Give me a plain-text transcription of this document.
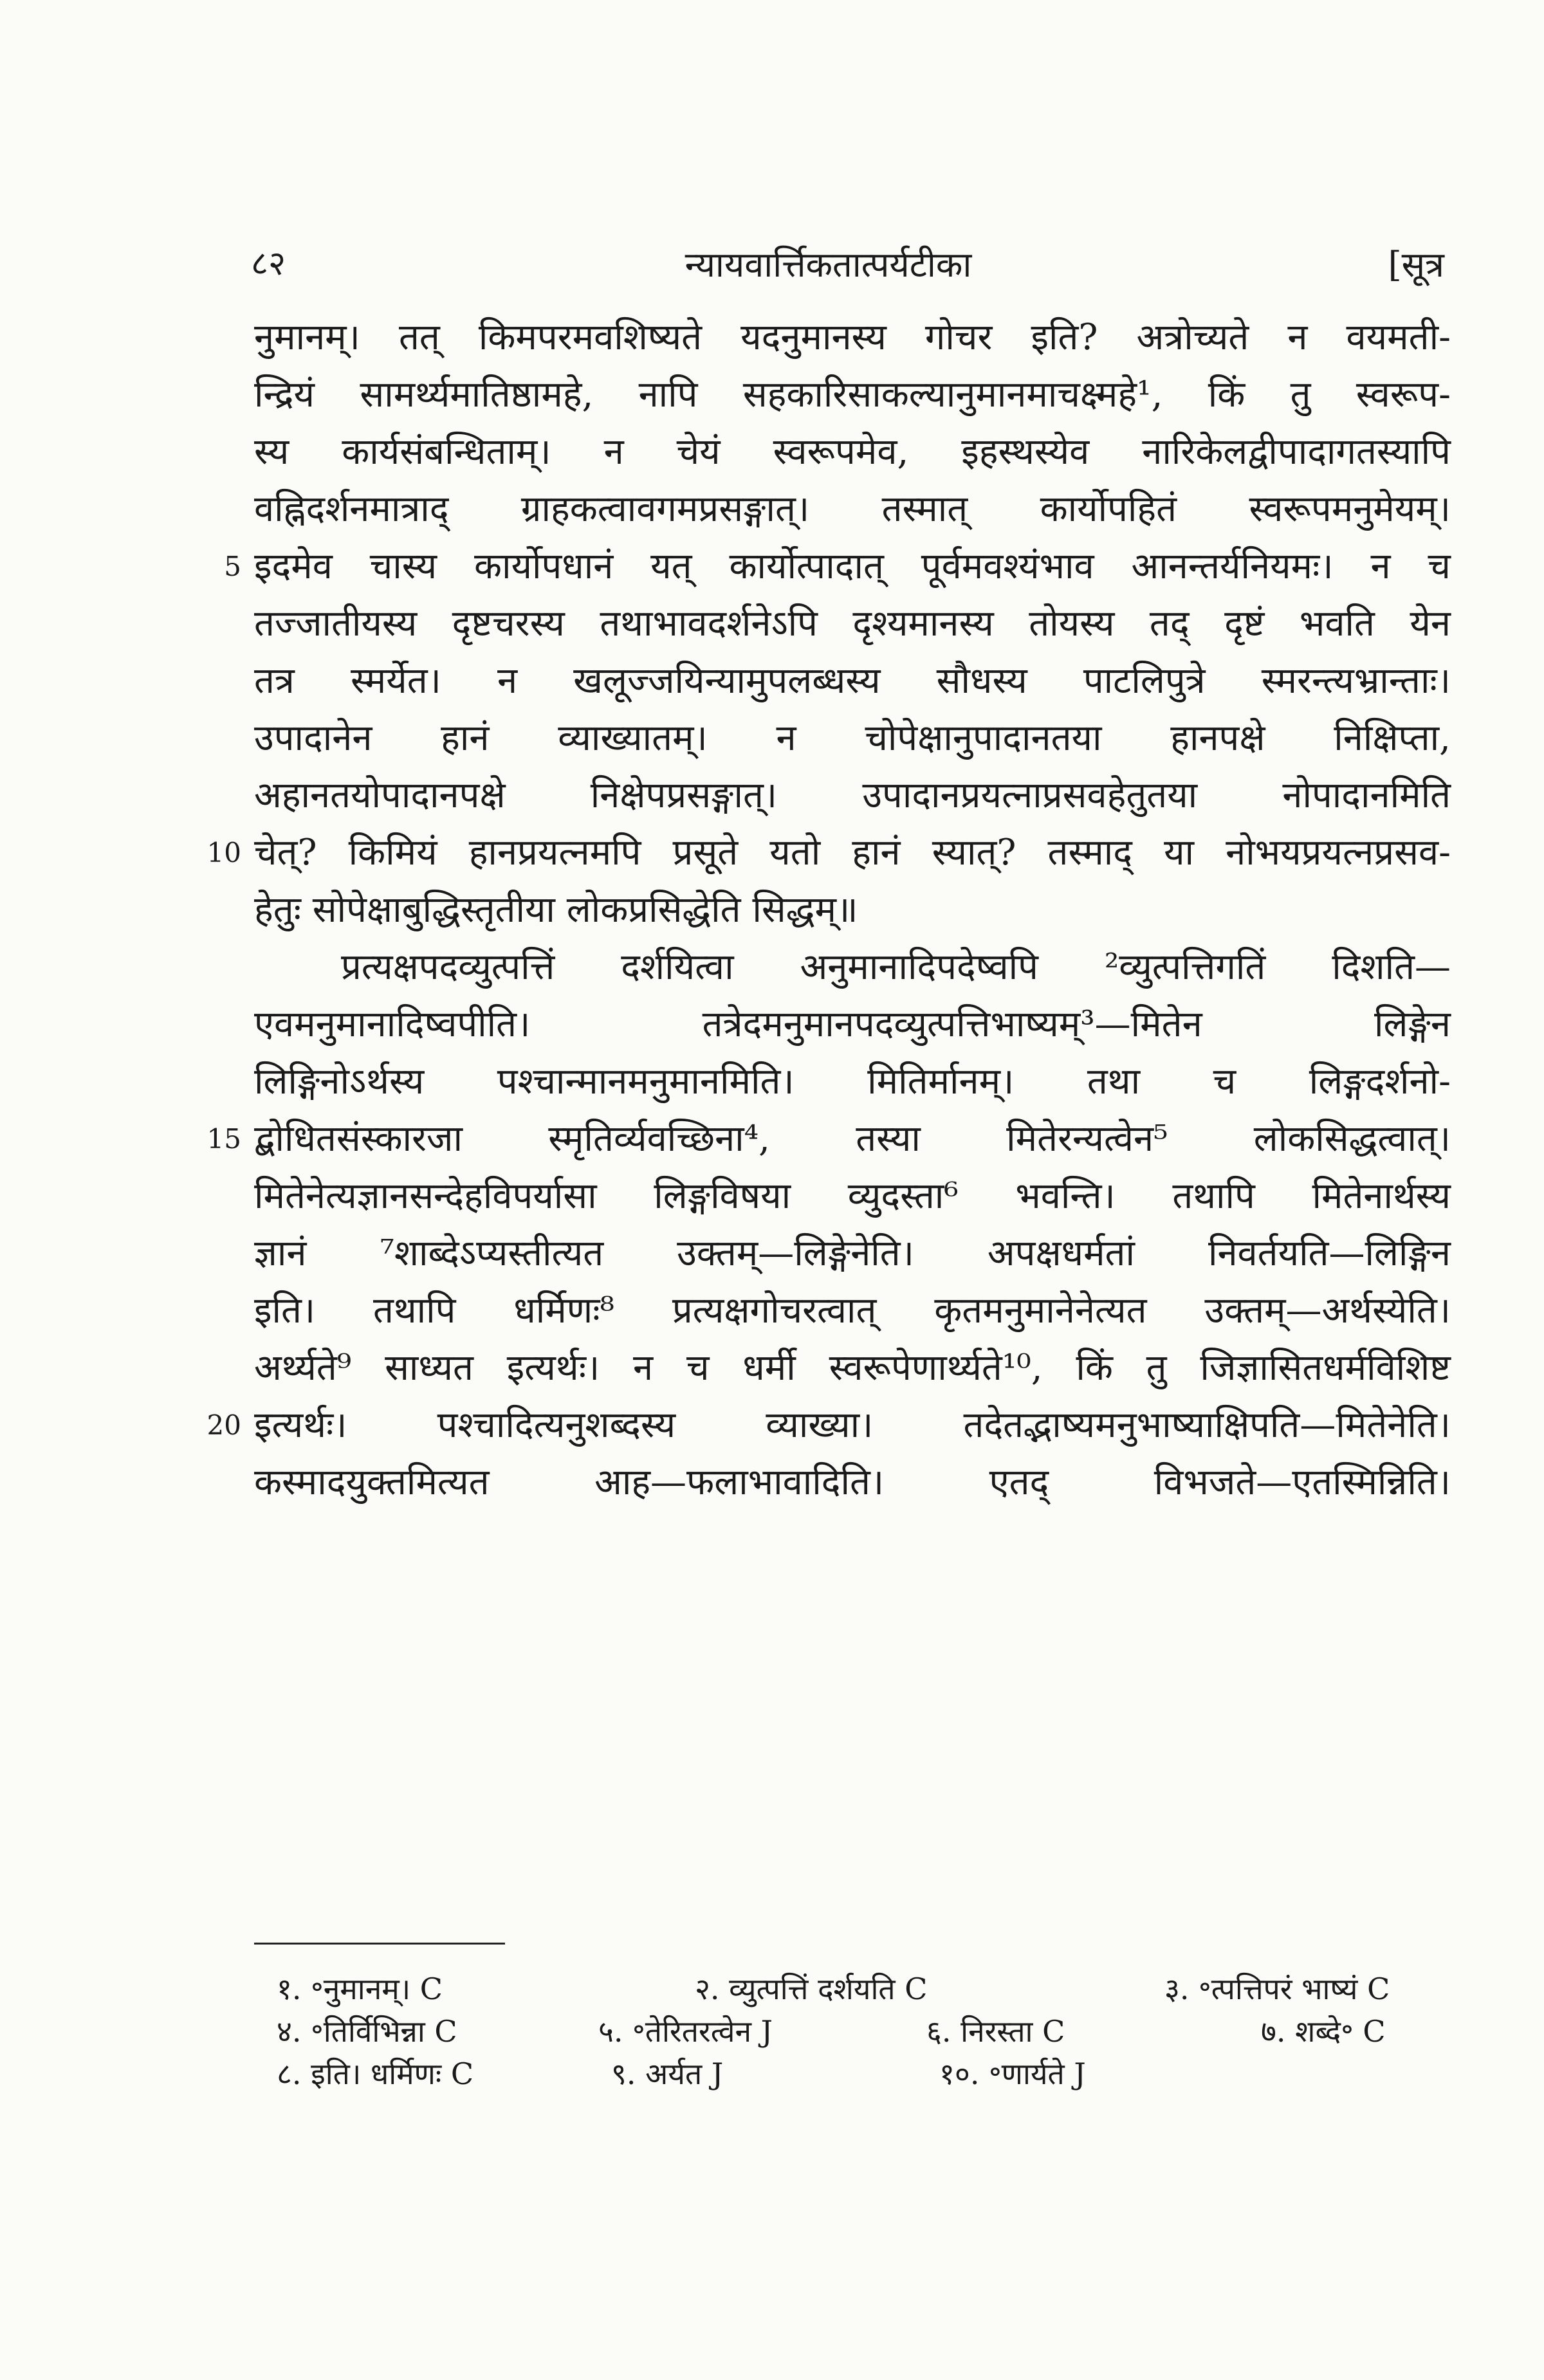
८२	न्यायवार्त्तिकतात्पर्यटीका	[सूत्र
नुमानम्। तत् किमपरमवशिष्यते यदनुमानस्य गोचर इति? अत्रोच्यते न वयमती-
न्द्रियं सामर्थ्यमातिष्ठामहे, नापि सहकारिसाकल्यानुमानमाचक्ष्महे¹, किं तु स्वरूप-
स्य कार्यसंबन्धिताम्। न चेयं स्वरूपमेव, इहस्थस्येव नारिकेलद्वीपादागतस्यापि
वह्निदर्शनमात्राद् ग्राहकत्वावगमप्रसङ्गात्। तस्मात् कार्योपहितं स्वरूपमनुमेयम्।
5 इदमेव चास्य कार्योपधानं यत् कार्योत्पादात् पूर्वमवश्यंभाव आनन्तर्यनियमः। न च
तज्जातीयस्य दृष्टचरस्य तथाभावदर्शनेऽपि दृश्यमानस्य तोयस्य तद् दृष्टं भवति येन
तत्र स्मर्येत। न खलूज्जयिन्यामुपलब्धस्य सौधस्य पाटलिपुत्रे स्मरन्त्यभ्रान्ताः।
उपादानेन हानं व्याख्यातम्। न चोपेक्षानुपादानतया हानपक्षे निक्षिप्ता,
अहानतयोपादानपक्षे निक्षेपप्रसङ्गात्। उपादानप्रयत्नाप्रसवहेतुतया नोपादानमिति
10 चेत्? किमियं हानप्रयत्नमपि प्रसूते यतो हानं स्यात्? तस्माद् या नोभयप्रयत्नप्रसव-
हेतुः सोपेक्षाबुद्धिस्तृतीया लोकप्रसिद्धेति सिद्धम्॥
प्रत्यक्षपदव्युत्पत्तिं दर्शयित्वा अनुमानादिपदेष्वपि ²व्युत्पत्तिगतिं दिशति—
एवमनुमानादिष्वपीति। तत्रेदमनुमानपदव्युत्पत्तिभाष्यम्³—मितेन लिङ्गेन
लिङ्गिनोऽर्थस्य पश्चान्मानमनुमानमिति। मितिर्मानम्। तथा च लिङ्गदर्शनो-
15 द्बोधितसंस्कारजा स्मृतिर्व्यवच्छिना⁴, तस्या मितेरन्यत्वेन⁵ लोकसिद्धत्वात्।
मितेनेत्यज्ञानसन्देहविपर्यासा लिङ्गविषया व्युदस्ता⁶ भवन्ति। तथापि मितेनार्थस्य
ज्ञानं ⁷शाब्देऽप्यस्तीत्यत उक्तम्—लिङ्गेनेति। अपक्षधर्मतां निवर्तयति—लिङ्गिन
इति। तथापि धर्मिणः⁸ प्रत्यक्षगोचरत्वात् कृतमनुमानेनेत्यत उक्तम्—अर्थस्येति।
अर्थ्यते⁹ साध्यत इत्यर्थः। न च धर्मी स्वरूपेणार्थ्यते¹⁰, किं तु जिज्ञासितधर्मविशिष्ट
20 इत्यर्थः। पश्चादित्यनुशब्दस्य व्याख्या। तदेतद्भाष्यमनुभाष्याक्षिपति—मितेनेति।
कस्मादयुक्तमित्यत आह—फलाभावादिति। एतद् विभजते—एतस्मिन्निति।
१. ॰नुमानम्। C	२. व्युत्पत्तिं दर्शयति C	३. ॰त्पत्तिपरं भाष्यं C
४. ॰तिर्विभिन्ना C	५. ॰तेरितरत्वेन J	६. निरस्ता C	७. शब्दे॰ C
८. इति। धर्मिणः C	९. अर्यत J	१०. ॰णार्यते J
